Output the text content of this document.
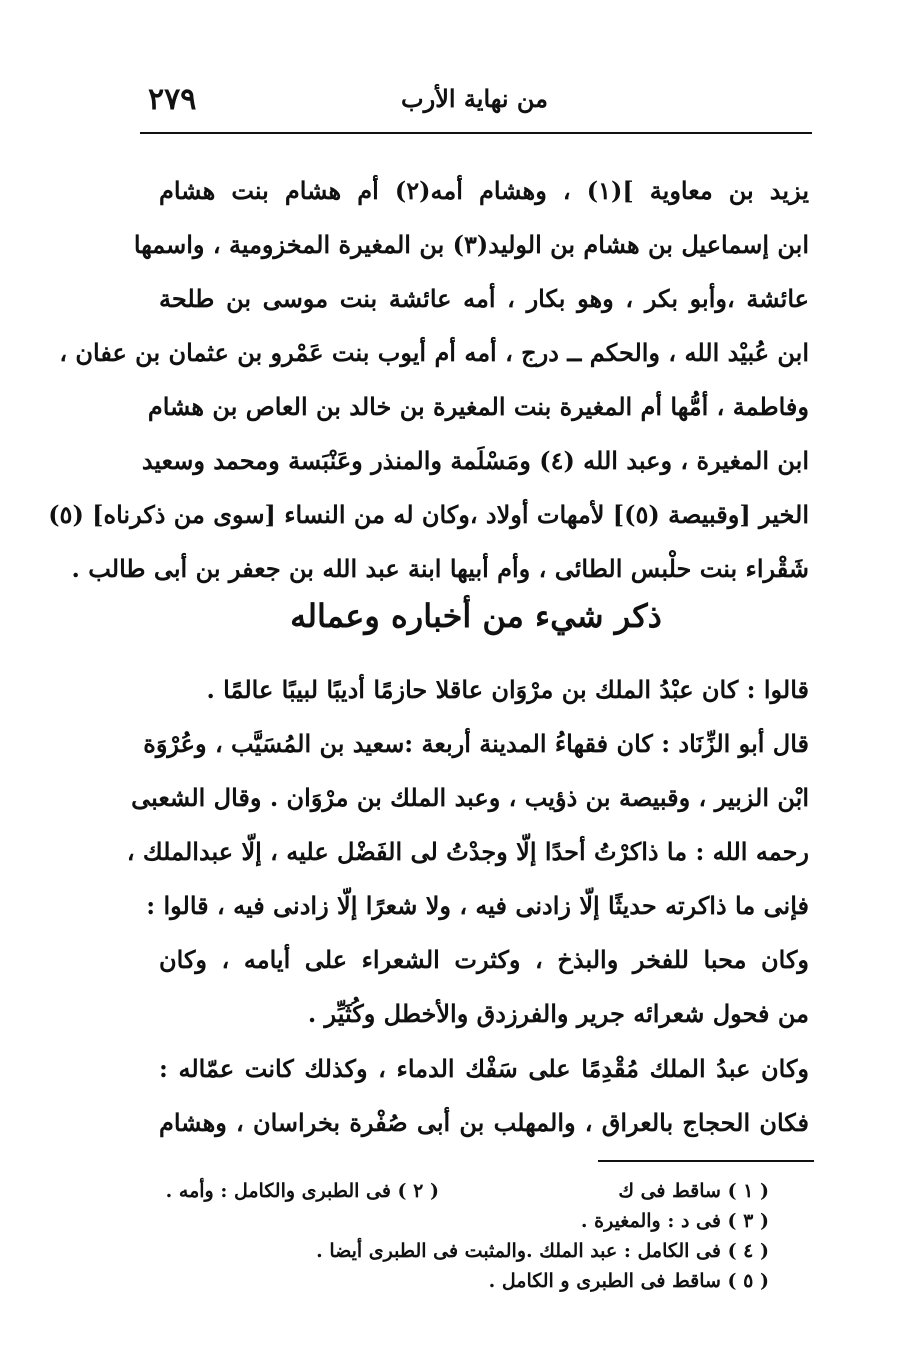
٢٧٩	من نهاية الأرب
يزيد بن معاوية ](١) ، وهشام أمه(٢) أم هشام بنت هشام
ابن إسماعيل بن هشام بن الوليد(٣) بن المغيرة المخزومية ، واسمها
عائشة ،وأبو بكر ، وهو بكار ، أمه عائشة بنت موسى بن طلحة
ابن عُبيْد الله ، والحكم ــ درج ، أمه أم أيوب بنت عَمْرو بن عثمان بن عفان ،
وفاطمة ، أمُّها أم المغيرة بنت المغيرة بن خالد بن العاص بن هشام
ابن المغيرة ، وعبد الله (٤) ومَسْلَمة والمنذر وعَنْبَسة ومحمد وسعيد
الخير [وقبيصة (٥)] لأمهات أولاد ،وكان له من النساء [سوى من ذكرناه] (٥)
شَقْراء بنت حلْبس الطائى ، وأم أبيها ابنة عبد الله بن جعفر بن أبى طالب .
ذكر شيء من أخباره وعماله
قالوا : كان عبْدُ الملك بن مرْوَان عاقلا حازمًا أديبًا لبيبًا عالمًا .
قال أبو الزِّنَاد : كان فقهاءُ المدينة أربعة :سعيد بن المُسَيَّب ، وعُرْوَة
ابْن الزبير ، وقبيصة بن ذؤيب ، وعبد الملك بن مرْوَان . وقال الشعبى
رحمه الله : ما ذاكرْتُ أحدًا إلّا وجدْتُ لى الفَضْل عليه ، إلّا عبدالملك ،
فإنى ما ذاكرته حديثًا إلّا زادنى فيه ، ولا شعرًا إلّا زادنى فيه ، قالوا :
وكان محبا للفخر والبذخ ، وكثرت الشعراء على أيامه ، وكان
من فحول شعرائه جرير والفرزدق والأخطل وكُثَيِّر .
وكان عبدُ الملك مُقْدِمًا على سَفْك الدماء ، وكذلك كانت عمّاله :
فكان الحجاج بالعراق ، والمهلب بن أبى صُفْرة بخراسان ، وهشام
( ١ ) ساقط فى ك
( ٢ ) فى الطبرى والكامل : وأمه .
( ٣ ) فى د : والمغيرة .
( ٤ ) فى الكامل : عبد الملك .والمثبت فى الطبرى أيضا .
( ٥ ) ساقط فى الطبرى و الكامل .
